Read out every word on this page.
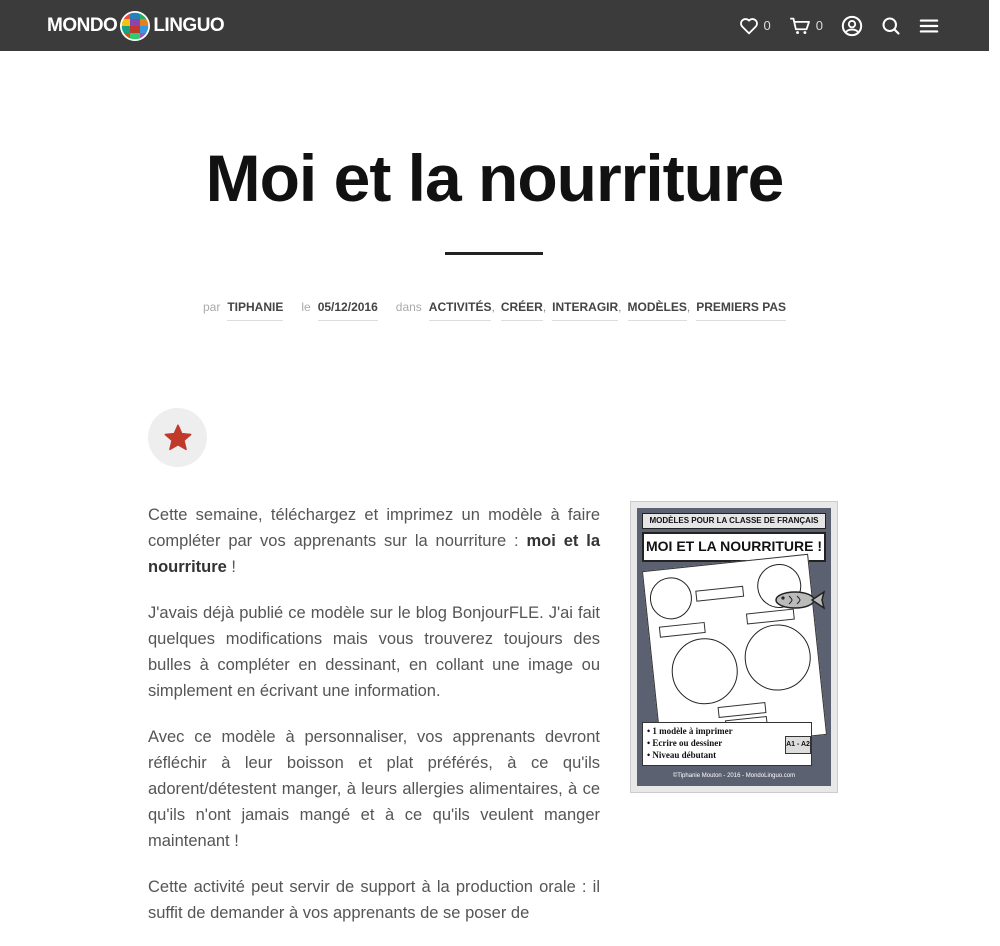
MONDO LINGUO	0	0
Moi et la nourriture
par TIPHANIE le 05/12/2016 dans ACTIVITÉS , CRÉER , INTERAGIR , MODÈLES , PREMIERS PAS

Cette semaine, téléchargez et imprimez un modèle à faire compléter par vos apprenants sur la nourriture : moi et la nourriture !

J'avais déjà publié ce modèle sur le blog BonjourFLE. J'ai fait quelques modifications mais vous trouverez toujours des bulles à compléter en dessinant, en collant une image ou simplement en écrivant une information.

Avec ce modèle à personnaliser, vos apprenants devront réfléchir à leur boisson et plat préférés, à ce qu'ils adorent/détestent manger, à leurs allergies alimentaires, à ce qu'ils n'ont jamais mangé et à ce qu'ils veulent manger maintenant !

Cette activité peut servir de support à la production orale : il suffit de demander à vos apprenants de se poser de

MODÈLES POUR LA CLASSE DE FRANÇAIS
MOI ET LA NOURRITURE !
• 1 modèle à imprimer
• Ecrire ou dessiner
• Niveau débutant
A1 - A2
©Tiphanie Mouton - 2016 - MondoLinguo.com
